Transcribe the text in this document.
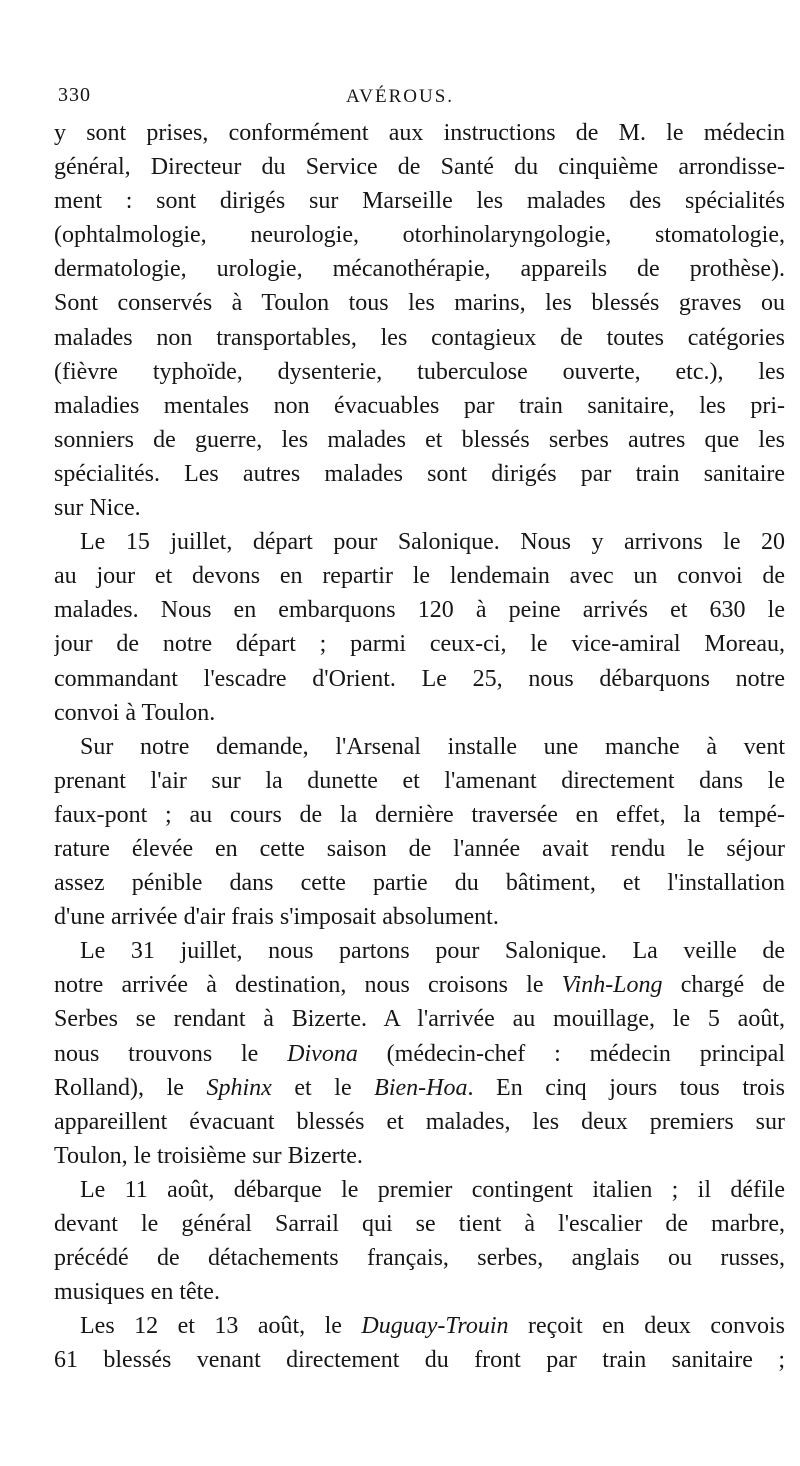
330	AVÉROUS.
y sont prises, conformément aux instructions de M. le médecin
général, Directeur du Service de Santé du cinquième arrondisse-
ment : sont dirigés sur Marseille les malades des spécialités
(ophtalmologie, neurologie, otorhinolaryngologie, stomatologie,
dermatologie, urologie, mécanothérapie, appareils de prothèse).
Sont conservés à Toulon tous les marins, les blessés graves ou
malades non transportables, les contagieux de toutes catégories
(fièvre typhoïde, dysenterie, tuberculose ouverte, etc.), les
maladies mentales non évacuables par train sanitaire, les pri-
sonniers de guerre, les malades et blessés serbes autres que les
spécialités. Les autres malades sont dirigés par train sanitaire
sur Nice.
Le 15 juillet, départ pour Salonique. Nous y arrivons le 20
au jour et devons en repartir le lendemain avec un convoi de
malades. Nous en embarquons 120 à peine arrivés et 630 le
jour de notre départ ; parmi ceux-ci, le vice-amiral Moreau,
commandant l'escadre d'Orient. Le 25, nous débarquons notre
convoi à Toulon.
Sur notre demande, l'Arsenal installe une manche à vent
prenant l'air sur la dunette et l'amenant directement dans le
faux-pont ; au cours de la dernière traversée en effet, la tempé-
rature élevée en cette saison de l'année avait rendu le séjour
assez pénible dans cette partie du bâtiment, et l'installation
d'une arrivée d'air frais s'imposait absolument.
Le 31 juillet, nous partons pour Salonique. La veille de
notre arrivée à destination, nous croisons le Vinh-Long chargé de
Serbes se rendant à Bizerte. A l'arrivée au mouillage, le 5 août,
nous trouvons le Divona (médecin-chef : médecin principal
Rolland), le Sphinx et le Bien-Hoa. En cinq jours tous trois
appareillent évacuant blessés et malades, les deux premiers sur
Toulon, le troisième sur Bizerte.
Le 11 août, débarque le premier contingent italien ; il défile
devant le général Sarrail qui se tient à l'escalier de marbre,
précédé de détachements français, serbes, anglais ou russes,
musiques en tête.
Les 12 et 13 août, le Duguay-Trouin reçoit en deux convois
61 blessés venant directement du front par train sanitaire ;
